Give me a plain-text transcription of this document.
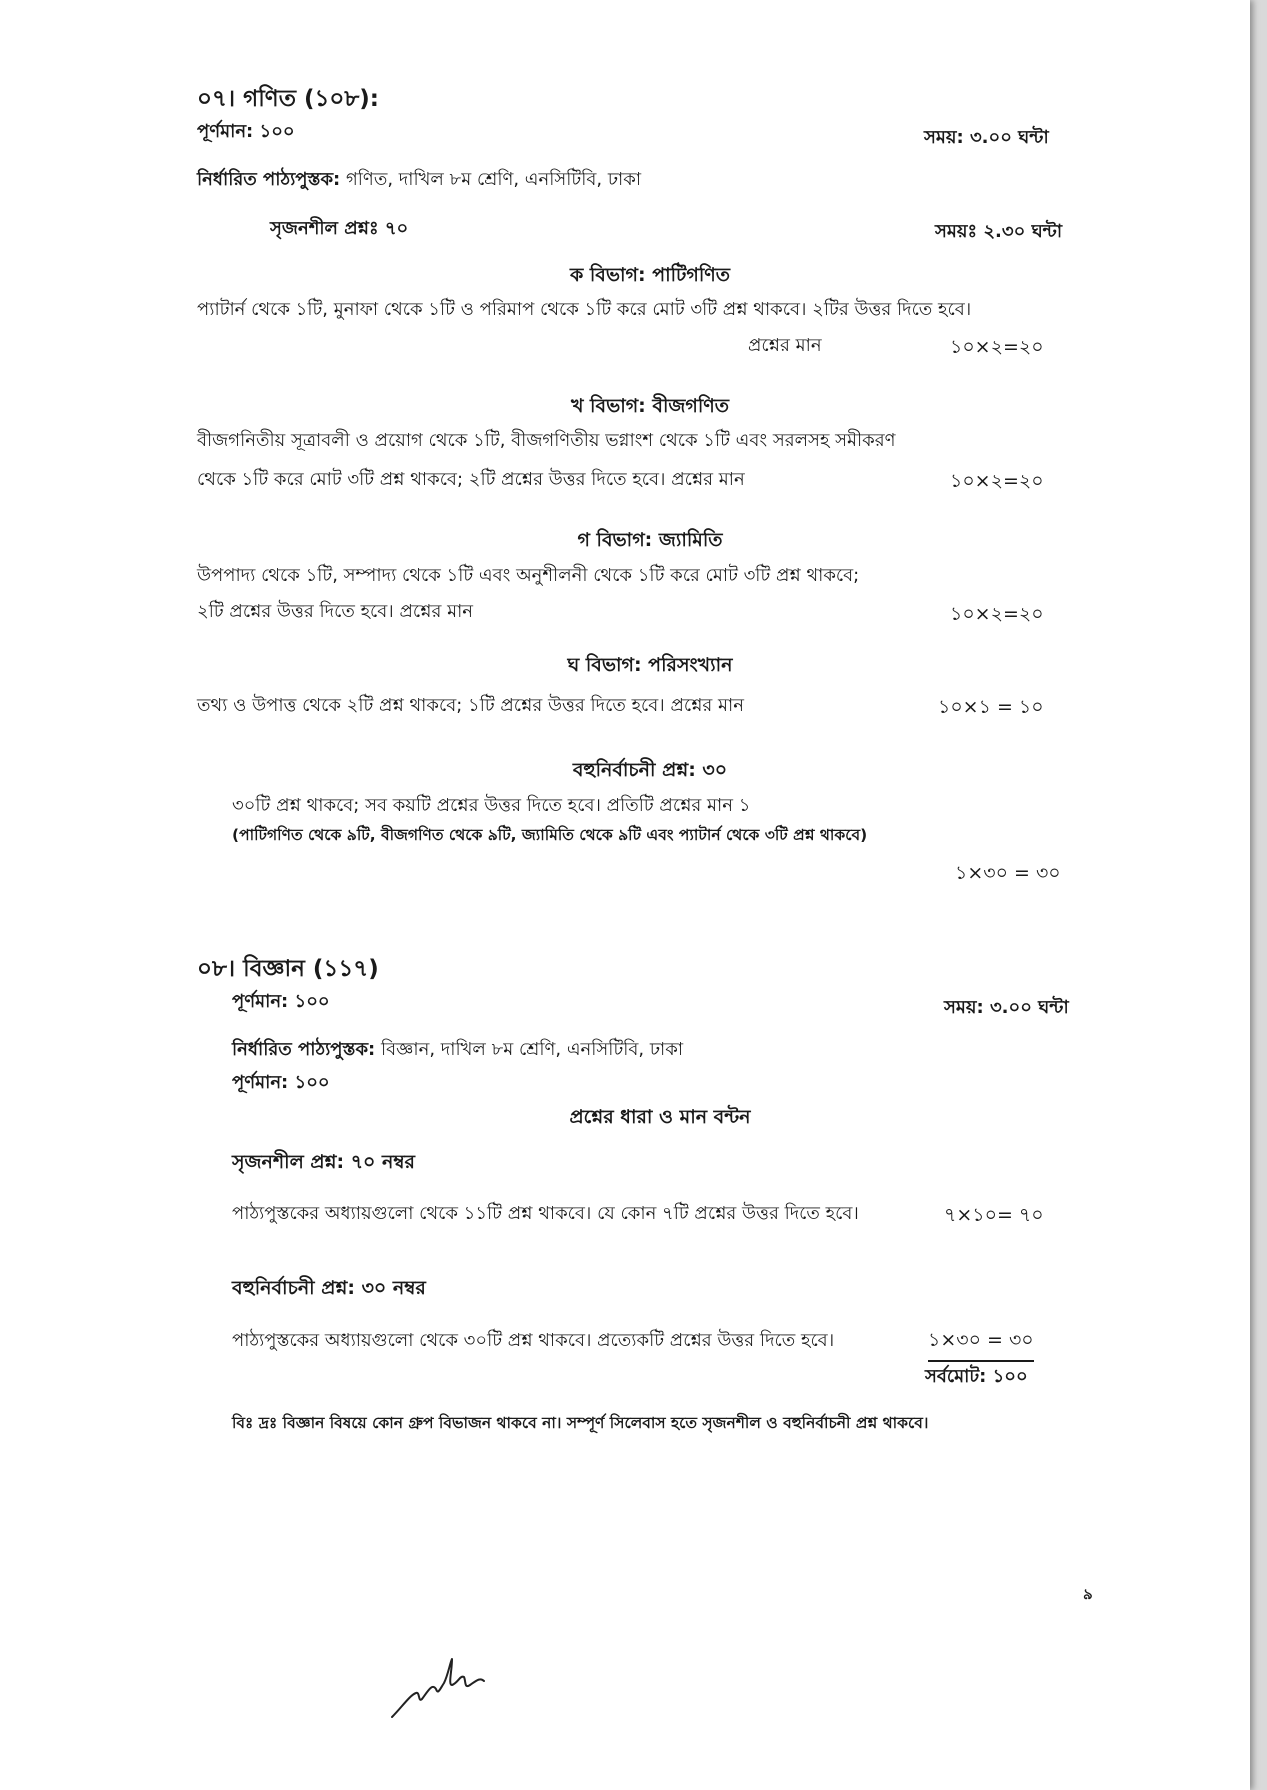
০৭। গণিত (১০৮):
পূর্ণমান: ১০০	সময়: ৩.০০ ঘন্টা
নির্ধারিত পাঠ্যপুস্তক: গণিত, দাখিল ৮ম শ্রেণি, এনসিটিবি, ঢাকা
সৃজনশীল প্রশ্নঃ ৭০	সময়ঃ ২.৩০ ঘন্টা
ক বিভাগ: পাটিগণিত
প্যাটার্ন থেকে ১টি, মুনাফা থেকে ১টি ও পরিমাপ থেকে ১টি করে মোট ৩টি প্রশ্ন থাকবে। ২টির উত্তর দিতে হবে।
প্রশ্নের মান	১০×২=২০
খ বিভাগ: বীজগণিত
বীজগনিতীয় সূত্রাবলী ও প্রয়োগ থেকে ১টি, বীজগণিতীয় ভগ্নাংশ থেকে ১টি এবং সরলসহ সমীকরণ
থেকে ১টি করে মোট ৩টি প্রশ্ন থাকবে; ২টি প্রশ্নের উত্তর দিতে হবে। প্রশ্নের মান	১০×২=২০
গ বিভাগ: জ্যামিতি
উপপাদ্য থেকে ১টি, সম্পাদ্য থেকে ১টি এবং অনুশীলনী থেকে ১টি করে মোট ৩টি প্রশ্ন থাকবে;
২টি প্রশ্নের উত্তর দিতে হবে। প্রশ্নের মান	১০×২=২০
ঘ বিভাগ: পরিসংখ্যান
তথ্য ও উপাত্ত থেকে ২টি প্রশ্ন থাকবে; ১টি প্রশ্নের উত্তর দিতে হবে। প্রশ্নের মান	১০×১ = ১০
বহুনির্বাচনী প্রশ্ন: ৩০
৩০টি প্রশ্ন থাকবে; সব কয়টি প্রশ্নের উত্তর দিতে হবে। প্রতিটি প্রশ্নের মান ১
(পাটিগণিত থেকে ৯টি, বীজগণিত থেকে ৯টি, জ্যামিতি থেকে ৯টি এবং প্যাটার্ন থেকে ৩টি প্রশ্ন থাকবে)
১×৩০ = ৩০
০৮। বিজ্ঞান (১১৭)
পূর্ণমান: ১০০	সময়: ৩.০০ ঘন্টা
নির্ধারিত পাঠ্যপুস্তক: বিজ্ঞান, দাখিল ৮ম শ্রেণি, এনসিটিবি, ঢাকা
পূর্ণমান: ১০০
প্রশ্নের ধারা ও মান বন্টন
সৃজনশীল প্রশ্ন: ৭০ নম্বর
পাঠ্যপুস্তকের অধ্যায়গুলো থেকে ১১টি প্রশ্ন থাকবে। যে কোন ৭টি প্রশ্নের উত্তর দিতে হবে।	৭×১০= ৭০
বহুনির্বাচনী প্রশ্ন: ৩০ নম্বর
পাঠ্যপুস্তকের অধ্যায়গুলো থেকে ৩০টি প্রশ্ন থাকবে। প্রত্যেকটি প্রশ্নের উত্তর দিতে হবে।	১×৩০ = ৩০
সর্বমোট: ১০০
বিঃ দ্রঃ বিজ্ঞান বিষয়ে কোন গ্রুপ বিভাজন থাকবে না। সম্পূর্ণ সিলেবাস হতে সৃজনশীল ও বহুনির্বাচনী প্রশ্ন থাকবে।
৯
